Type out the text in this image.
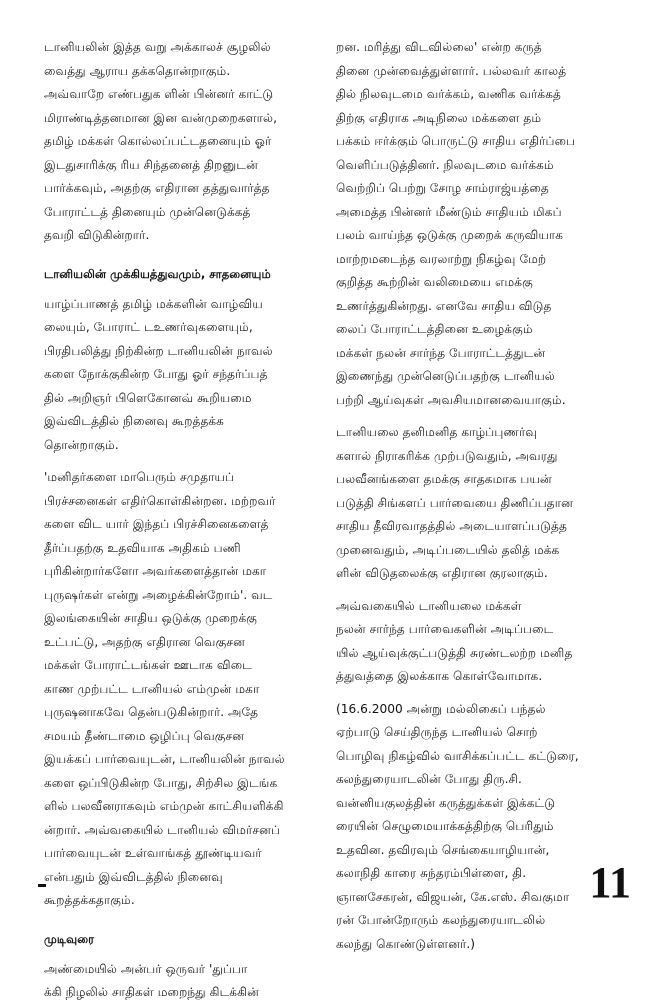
டானியலின் இத்த வறு அக்காலச் சூழலில்

வைத்து ஆராய தக்கதொன்றாகும்.

அவ்வாறே எண்பதுக ளின் பின்னர் காட்டு

மிராண்டித்தனமான இன வன்முறைகளால்,

தமிழ் மக்கள் கொல்லப்பட்டதனையும் ஓர்

இடதுசாரிக்கு ரிய சிந்தனைத் திறனுடன்

பார்க்கவும், அதற்கு எதிரான தத்துவார்த்த

போராட்டத் தினையும் முன்னெடுக்கத்

தவறி விடுகின்றார்.

டானியலின் முக்கியத்துவமும், சாதனையும்

யாழ்ப்பாணத் தமிழ் மக்களின் வாழ்விய

லையும், போராட் டஉணர்வுகளையும்,

பிரதிபலித்து நிற்கின்ற டானியலின் நாவல்

களை நோக்குகின்ற போது ஓர் சந்தர்ப்பத்

தில் அறிஞர் பிளெகோனவ் கூறியமை

இவ்விடத்தில் நினைவு கூறத்தக்க

தொன்றாகும்.

'மனிதர்களை மாபெரும் சமுதாயப்

பிரச்சனைகள் எதிர்கொள்கின்றன. மற்றவர்

களை விட யார் இந்தப் பிரச்சினைகளைத்

தீர்ப்பதற்கு உதவியாக அதிகம் பணி

புரிகின்றார்களோ அவர்களைத்தான் மகா

புருஷர்கள் என்று அழைக்கின்றோம்'. வட

இலங்கையின் சாதிய ஒடுக்கு முறைக்கு

உட்பட்டு, அதற்கு எதிரான வெகுசன

மக்கள் போராட்டங்கள் ஊடாக விடை

காண முற்பட்ட டானியல் எம்முன் மகா

புருஷனாகவே தென்படுகின்றார். அதே

சமயம் தீண்டாமை ஒழிப்பு வெகுசன

இயக்கப் பார்வையுடன், டானியலின் நாவல்

களை ஒப்பிடுகின்ற போது, சிற்சில இடங்க

ளில் பலவீனராகவும் எம்முன் காட்சியளிக்கி

ன்றார். அவ்வகையில் டானியல் விமர்சனப்

பார்வையுடன் உள்வாங்கத் தூண்டியவர்

என்பதும் இவ்விடத்தில் நினைவு

கூறத்தக்கதாகும்.

முடிவுரை

அண்மையில் அன்பர் ஒருவர் 'துப்பா

க்கி நிழலில் சாதிகள் மறைந்து கிடக்கின்

றன. மரித்து விடவில்லை' என்ற கருத்

தினை முன்வைத்துள்ளார். பல்லவர் காலத்

தில் நிலவுடமை வர்க்கம், வணிக வர்க்கத்

திற்கு எதிராக அடிநிலை மக்களை தம்

பக்கம் ஈர்க்கும் பொருட்டு சாதிய எதிர்ப்பை

வெளிப்படுத்தினர். நிலவுடமை வர்க்கம்

வெற்றிப் பெற்று சோழ சாம்ராஜ்யத்தை

அமைத்த பின்னர் மீண்டும் சாதியம் மிகப்

பலம் வாய்ந்த ஒடுக்கு முறைக் கருவியாக

மாற்றமடைந்த வரலாற்று நிகழ்வு மேற்

குறித்த கூற்றின் வலிமையை எமக்கு

உணர்த்துகின்றது. எனவே சாதிய விடுத

லைப் போராட்டத்தினை உழைக்கும்

மக்கள் நலன் சார்ந்த போராட்டத்துடன்

இணைந்து முன்னெடுப்பதற்கு டானியல்

பற்றி ஆய்வுகள் அவசியமானவையாகும்.

டானியலை தனிமனித காழ்ப்புணர்வு

களால் நிராகரிக்க முற்படுவதும், அவரது

பலவீனங்களை தமக்கு சாதகமாக பயன்

படுத்தி சிங்களப் பார்வையை திணிப்பதான

சாதிய தீவிரவாதத்தில் அடையாளப்படுத்த

முனைவதும், அடிப்படையில் தலித் மக்க

ளின் விடுதலைக்கு எதிரான குரலாகும்.

அவ்வகையில் டானியலை மக்கள்

நலன் சார்ந்த பார்வைகளின் அடிப்படை

யில் ஆய்வுக்குட்படுத்தி சுரண்டலற்ற மனித

த்துவத்தை இலக்காக கொள்வோமாக.

(16.6.2000 அன்று மல்லிகைப் பந்தல்

ஏற்பாடு செய்திருந்த டானியல் சொற்

பொழிவு நிகழ்வில் வாசிக்கப்பட்ட கட்டுரை,

கலந்துரையாடலின் போது திரு.சி.

வன்னியகுலத்தின் கருத்துக்கள் இக்கட்டு

ரையின் செழுமையாக்கத்திற்கு பெரிதும்

உதவின. தவிரவும் செங்கையாழியான்,

கலாநிதி காரை சுந்தரம்பிள்ளை, தி.

ஞானசேகரன், விஜயன், கே.எஸ். சிவகுமா

ரன் போன்றோரும் கலந்துரையாடலில்

கலந்து கொண்டுள்ளனர்.)

11
